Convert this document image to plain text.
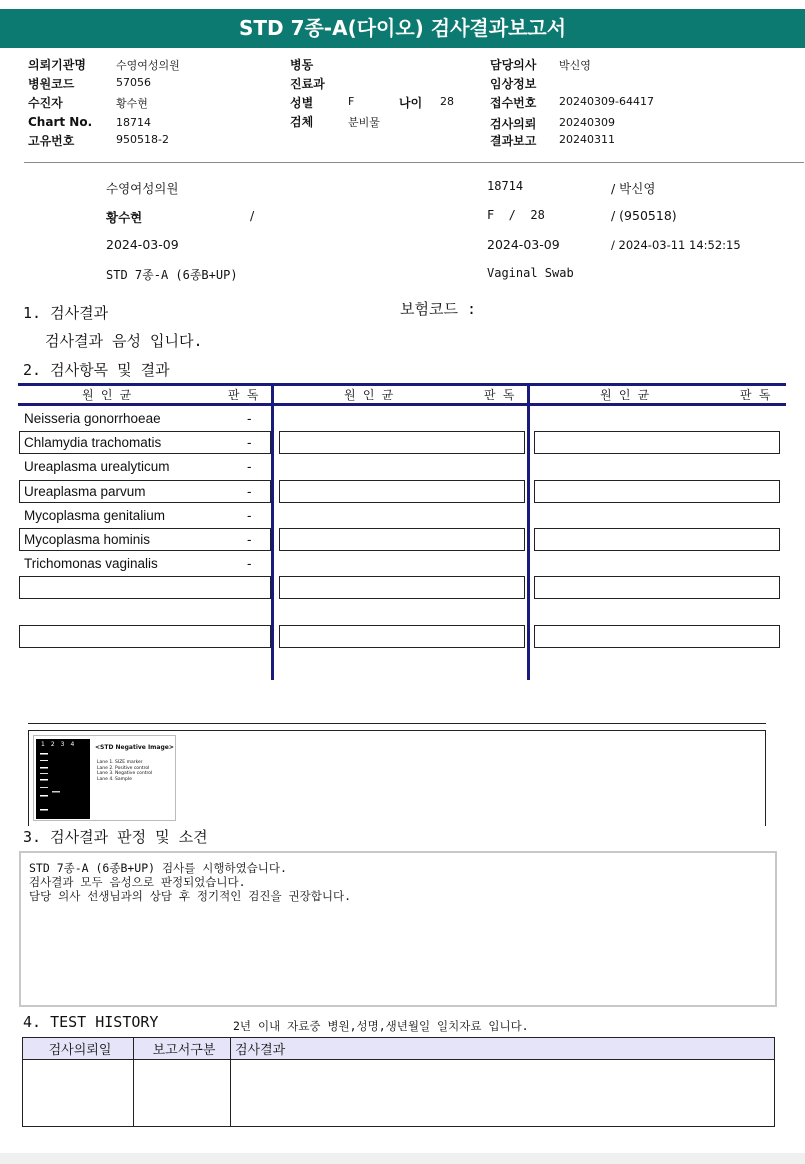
STD 7종-A(다이오) 검사결과보고서
의뢰기관명	수영여성의원
병원코드	57056
수진자	황수현
Chart No. 18714
고유번호	950518-2
병동
진료과
성별	F	나이 28
검체	분비물
담당의사 박신영
임상정보
접수번호 20240309-64417
검사의뢰 20240309
결과보고 20240311
수영여성의원	18714	/ 박신영
황수현	/	F  /  28	/ (950518)
2024-03-09	2024-03-09	/ 2024-03-11 14:52:15
STD 7종-A (6종B+UP)	Vaginal Swab
1. 검사결과	보험코드 :
검사결과 음성 입니다.
2. 검사항목 및 결과
원 인 균	판 독	원 인 균	판 독	원 인 균	판 독
Neisseria gonorrhoeae	-
Chlamydia trachomatis	-
Ureaplasma urealyticum	-
Ureaplasma parvum	-
Mycoplasma genitalium	-
Mycoplasma hominis	-
Trichomonas vaginalis	-
1 2 3 4	<STD Negative Image>
Lane 1. SIZE marker
Lane 2. Positive control
Lane 3. Negative control
Lane 4. Sample
3. 검사결과 판정 및 소견
STD 7종-A (6종B+UP) 검사를 시행하였습니다.
검사결과 모두 음성으로 판정되었습니다.
담당 의사 선생님과의 상담 후 정기적인 검진을 권장합니다.
4. TEST HISTORY	2년 이내 자료중 병원,성명,생년월일 일치자료 입니다.
검사의뢰일	보고서구분	검사결과
